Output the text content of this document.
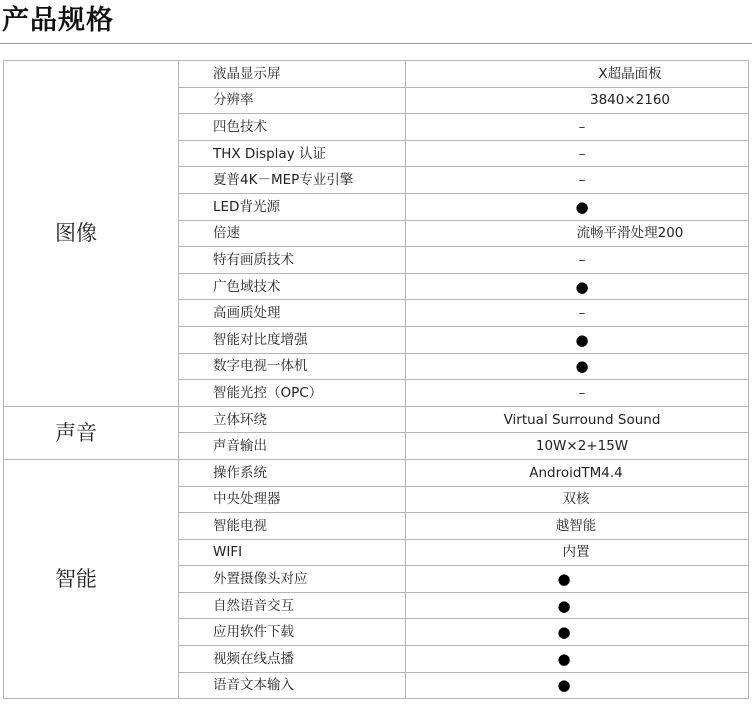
产品规格
图像	液晶显示屏	X超晶面板

	分辨率	3840×2160

	四色技术	–

	THX Display 认证	–

	夏普4K－MEP专业引擎	–

	LED背光源	●

	倍速	流畅平滑处理200

	特有画质技术	–

	广色域技术	●

	高画质处理	–

	智能对比度增强	●

	数字电视一体机	●

	智能光控（OPC）	–

声音	立体环绕	Virtual Surround Sound

	声音输出	10W×2+15W

智能	操作系统	AndroidTM4.4

	中央处理器	双核

	智能电视	越智能

	WIFI	内置

	外置摄像头对应	●

	自然语音交互	●

	应用软件下载	●

	视频在线点播	●

	语音文本输入	●
